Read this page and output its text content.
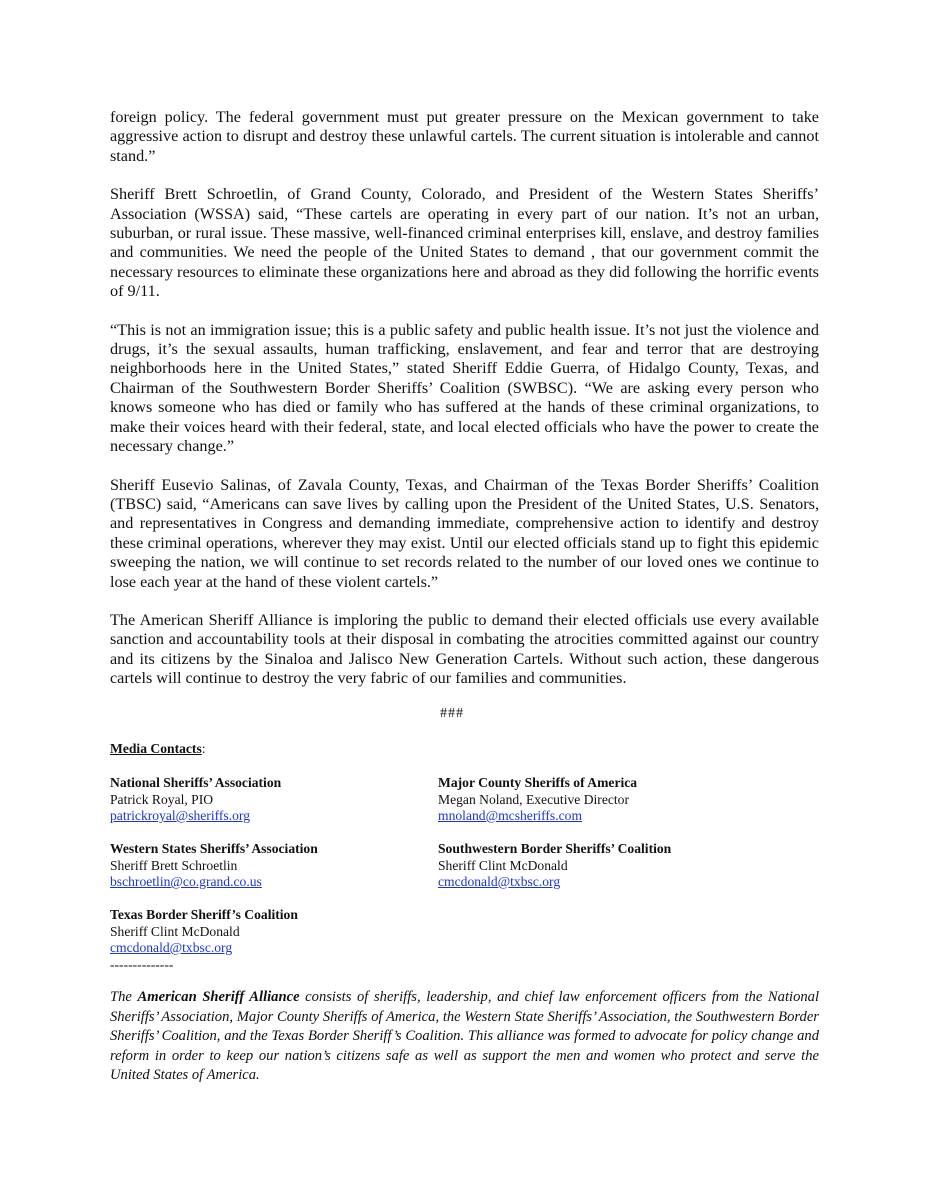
foreign policy. The federal government must put greater pressure on the Mexican government to take aggressive action to disrupt and destroy these unlawful cartels. The current situation is intolerable and cannot stand.”

Sheriff Brett Schroetlin, of Grand County, Colorado, and President of the Western States Sheriffs’ Association (WSSA) said, “These cartels are operating in every part of our nation. It’s not an urban, suburban, or rural issue. These massive, well-financed criminal enterprises kill, enslave, and destroy families and communities. We need the people of the United States to demand , that our government commit the necessary resources to eliminate these organizations here and abroad as they did following the horrific events of 9/11.

“This is not an immigration issue; this is a public safety and public health issue. It’s not just the violence and drugs, it’s the sexual assaults, human trafficking, enslavement, and fear and terror that are destroying neighborhoods here in the United States,” stated Sheriff Eddie Guerra, of Hidalgo County, Texas, and Chairman of the Southwestern Border Sheriffs’ Coalition (SWBSC). “We are asking every person who knows someone who has died or family who has suffered at the hands of these criminal organizations, to make their voices heard with their federal, state, and local elected officials who have the power to create the necessary change.”

Sheriff Eusevio Salinas, of Zavala County, Texas, and Chairman of the Texas Border Sheriffs’ Coalition (TBSC) said, “Americans can save lives by calling upon the President of the United States, U.S. Senators, and representatives in Congress and demanding immediate, comprehensive action to identify and destroy these criminal operations, wherever they may exist. Until our elected officials stand up to fight this epidemic sweeping the nation, we will continue to set records related to the number of our loved ones we continue to lose each year at the hand of these violent cartels.”

The American Sheriff Alliance is imploring the public to demand their elected officials use every available sanction and accountability tools at their disposal in combating the atrocities committed against our country and its citizens by the Sinaloa and Jalisco New Generation Cartels. Without such action, these dangerous cartels will continue to destroy the very fabric of our families and communities.

###
Media Contacts:
National Sheriffs’ Association
Patrick Royal, PIO
patrickroyal@sheriffs.org
Major County Sheriffs of America
Megan Noland, Executive Director
mnoland@mcsheriffs.com
Western States Sheriffs’ Association
Sheriff Brett Schroetlin
bschroetlin@co.grand.co.us
Southwestern Border Sheriffs’ Coalition
Sheriff Clint McDonald
cmcdonald@txbsc.org
Texas Border Sheriff’s Coalition
Sheriff Clint McDonald
cmcdonald@txbsc.org
--------------
The American Sheriff Alliance consists of sheriffs, leadership, and chief law enforcement officers from the National Sheriffs’ Association, Major County Sheriffs of America, the Western State Sheriffs’ Association, the Southwestern Border Sheriffs’ Coalition, and the Texas Border Sheriff’s Coalition. This alliance was formed to advocate for policy change and reform in order to keep our nation’s citizens safe as well as support the men and women who protect and serve the United States of America.
